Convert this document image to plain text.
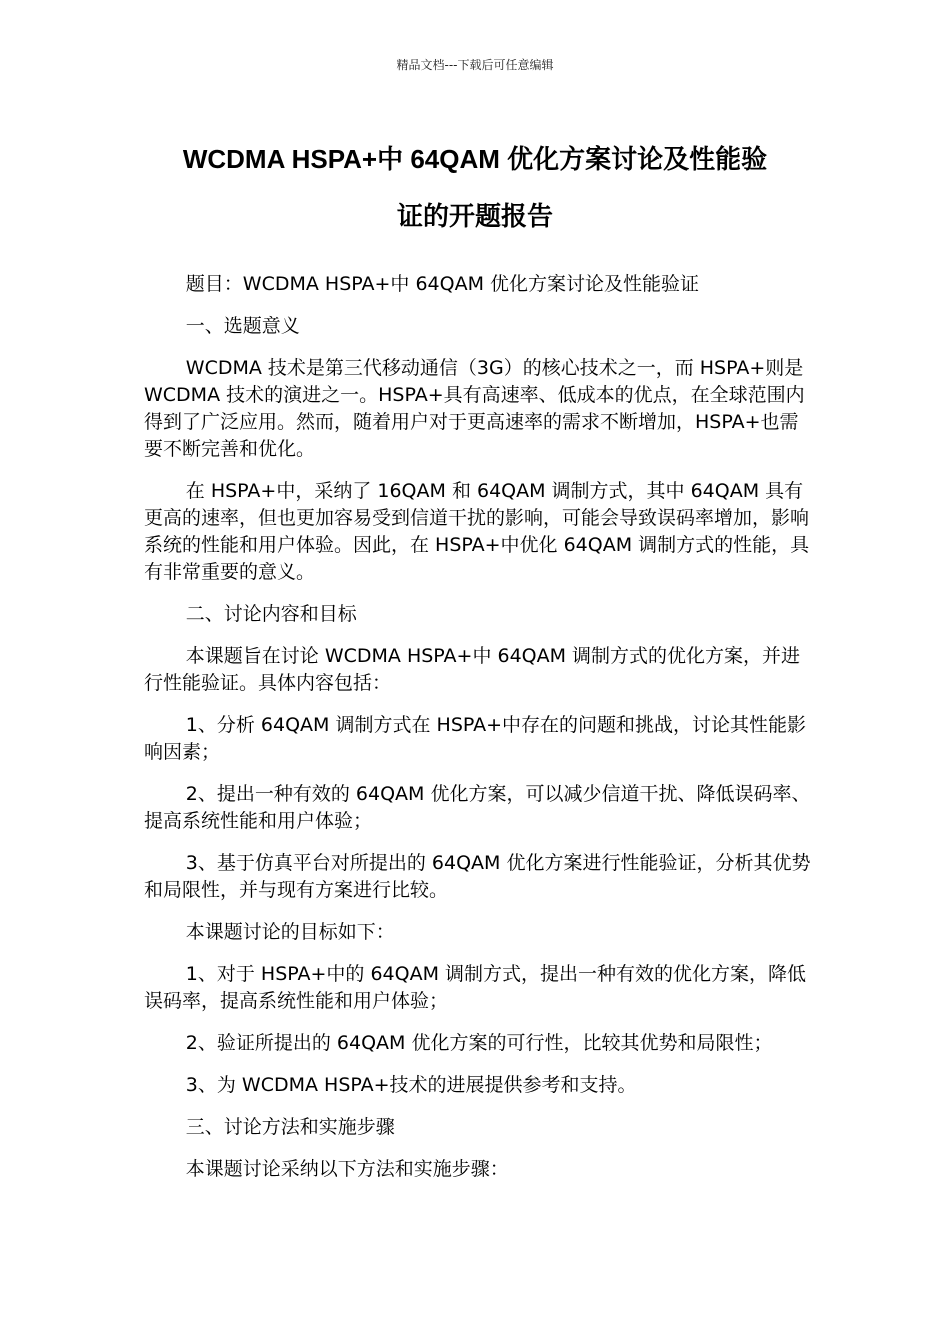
精品文档---下载后可任意编辑
WCDMA HSPA+中 64QAM 优化方案讨论及性能验
证的开题报告

题目：WCDMA HSPA+中 64QAM 优化方案讨论及性能验证

一、选题意义

WCDMA 技术是第三代移动通信（3G）的核心技术之一，而 HSPA+则是 WCDMA 技术的演进之一。HSPA+具有高速率、低成本的优点，在全球范围内得到了广泛应用。然而，随着用户对于更高速率的需求不断增加，HSPA+也需要不断完善和优化。

在 HSPA+中，采纳了 16QAM 和 64QAM 调制方式，其中 64QAM 具有更高的速率，但也更加容易受到信道干扰的影响，可能会导致误码率增加，影响系统的性能和用户体验。因此，在 HSPA+中优化 64QAM 调制方式的性能，具有非常重要的意义。

二、讨论内容和目标

本课题旨在讨论 WCDMA HSPA+中 64QAM 调制方式的优化方案，并进行性能验证。具体内容包括：

1、分析 64QAM 调制方式在 HSPA+中存在的问题和挑战，讨论其性能影响因素；

2、提出一种有效的 64QAM 优化方案，可以减少信道干扰、降低误码率、提高系统性能和用户体验；

3、基于仿真平台对所提出的 64QAM 优化方案进行性能验证，分析其优势和局限性，并与现有方案进行比较。

本课题讨论的目标如下：

1、对于 HSPA+中的 64QAM 调制方式，提出一种有效的优化方案，降低误码率，提高系统性能和用户体验；

2、验证所提出的 64QAM 优化方案的可行性，比较其优势和局限性；

3、为 WCDMA HSPA+技术的进展提供参考和支持。

三、讨论方法和实施步骤

本课题讨论采纳以下方法和实施步骤：
